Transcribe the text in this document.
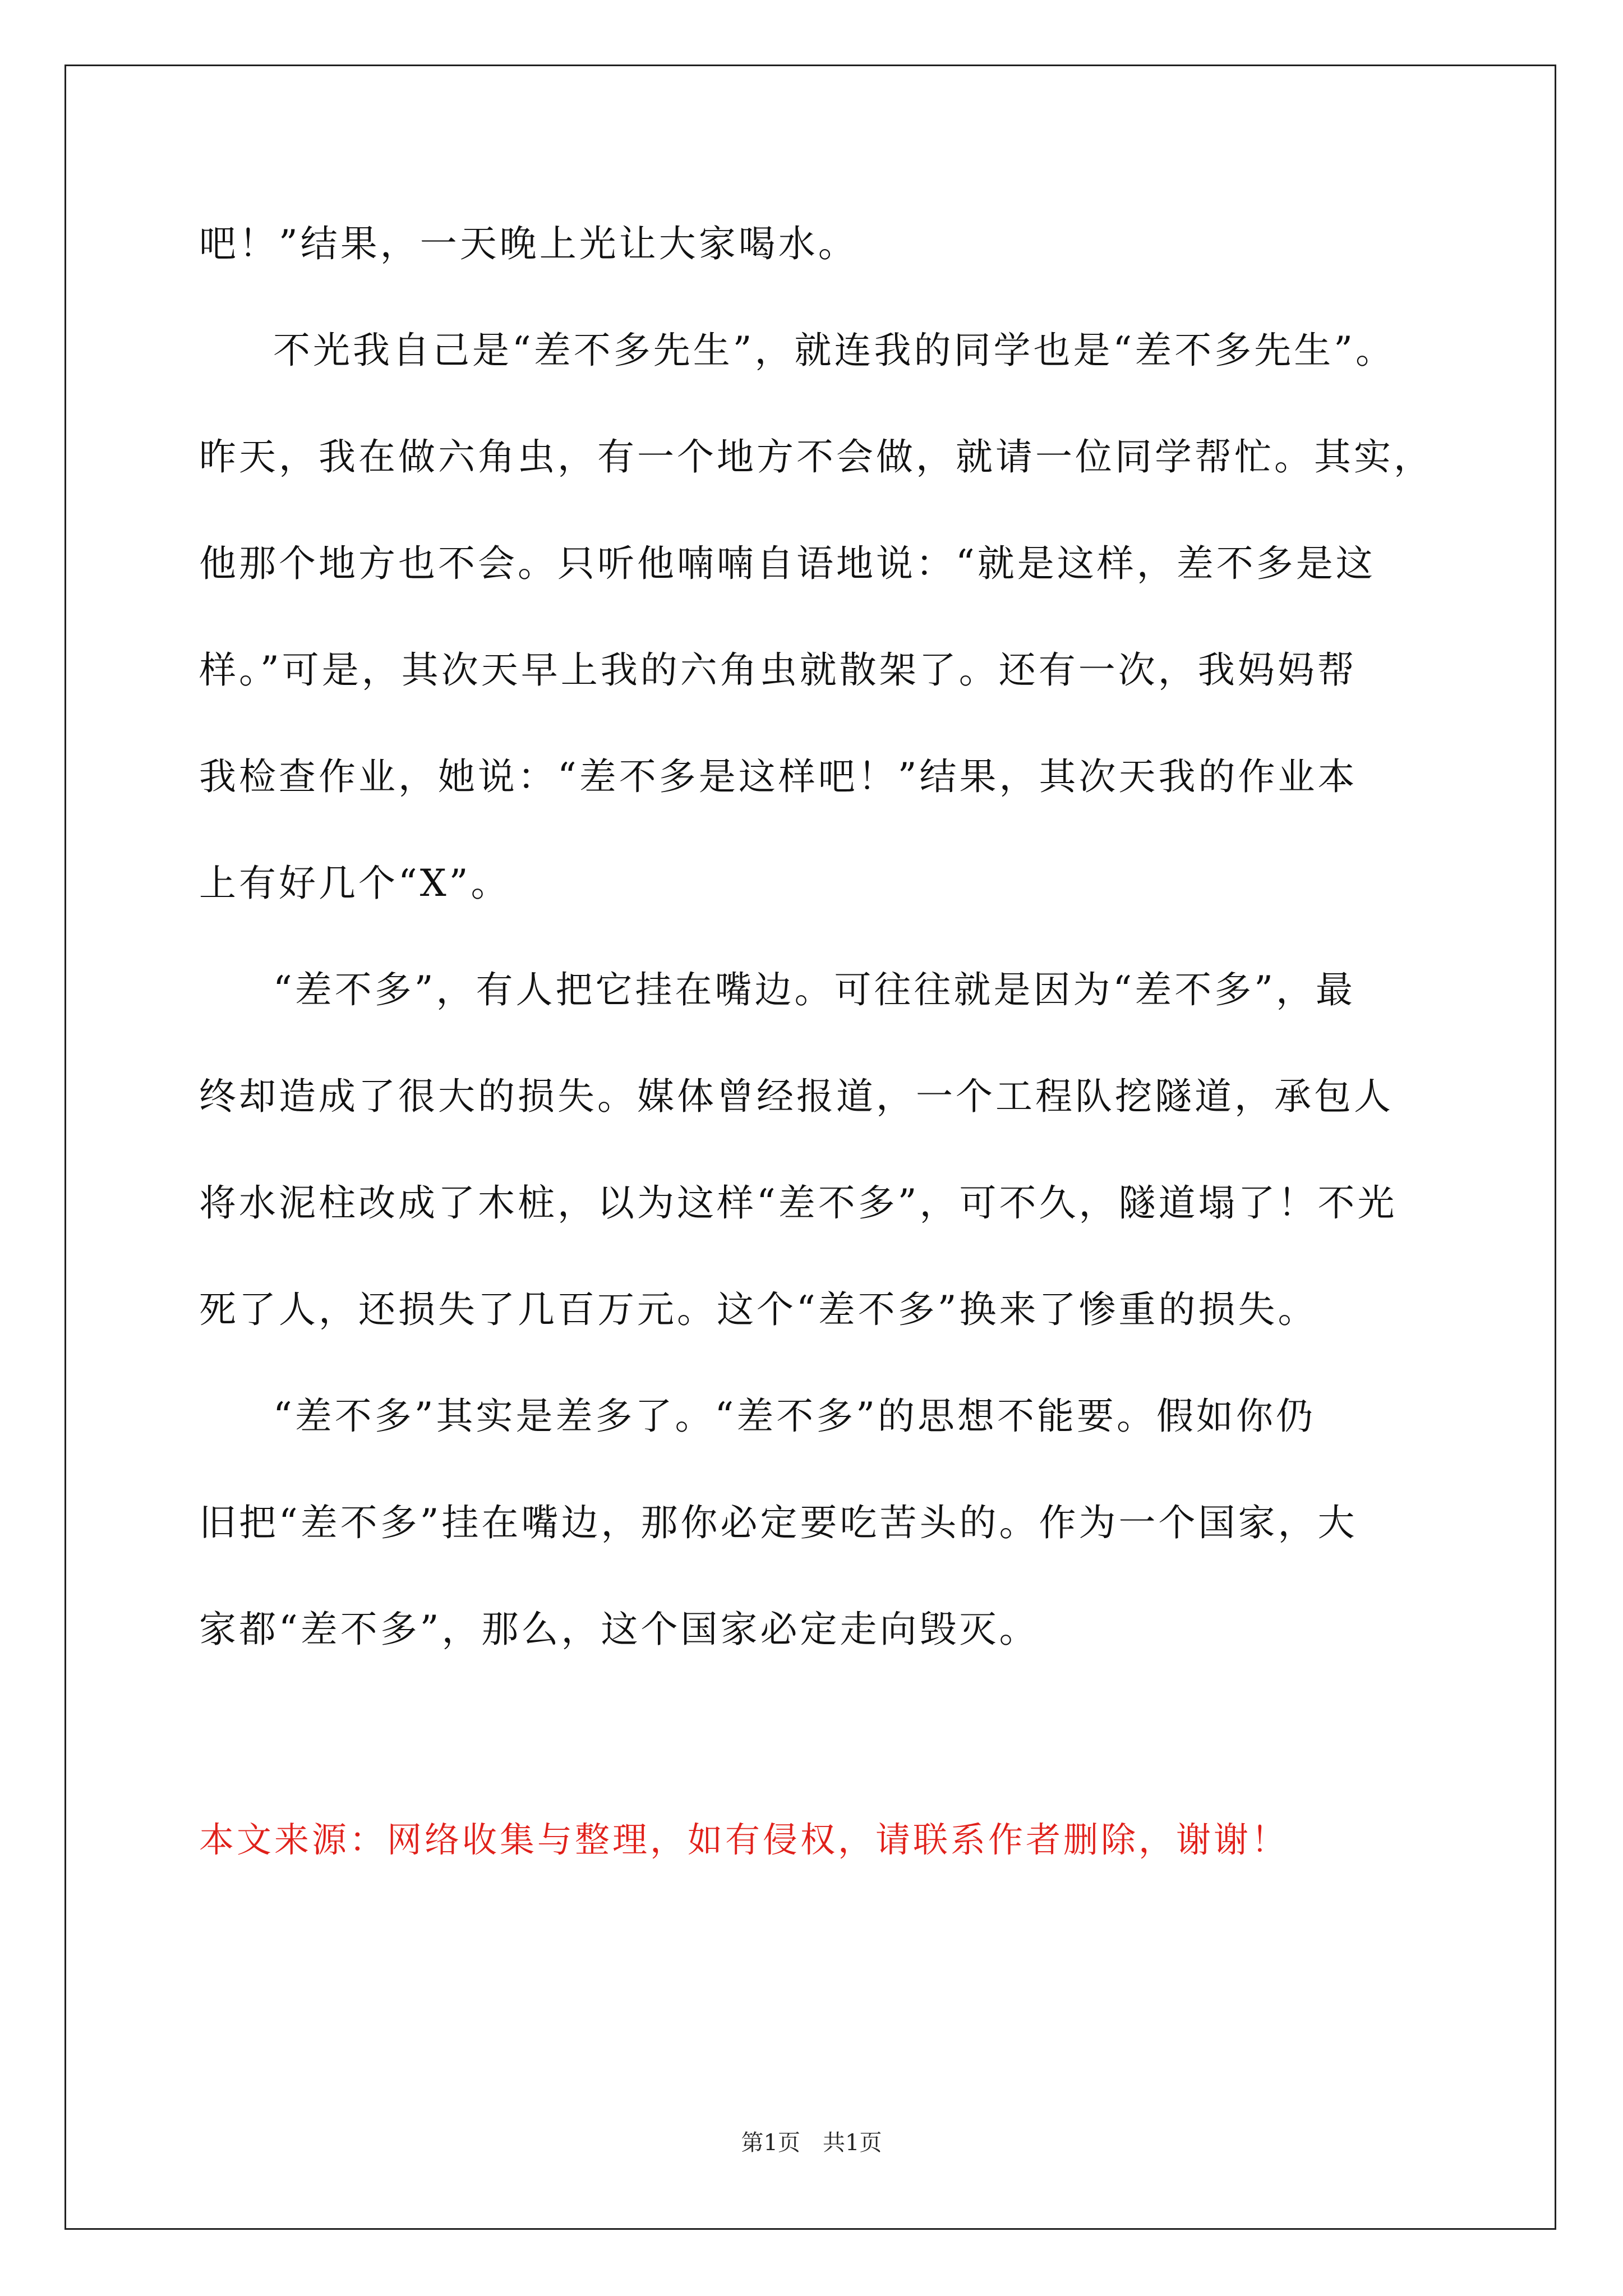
吧！”结果，一天晚上光让大家喝水。
不光我自己是“差不多先生”，就连我的同学也是“差不多先生”。
昨天，我在做六角虫，有一个地方不会做，就请一位同学帮忙。其实，
他那个地方也不会。只听他喃喃自语地说：“就是这样，差不多是这
样。”可是，其次天早上我的六角虫就散架了。还有一次，我妈妈帮
我检查作业，她说：“差不多是这样吧！”结果，其次天我的作业本
上有好几个“X”。
“差不多”，有人把它挂在嘴边。可往往就是因为“差不多”，最
终却造成了很大的损失。媒体曾经报道，一个工程队挖隧道，承包人
将水泥柱改成了木桩，以为这样“差不多”，可不久，隧道塌了！不光
死了人，还损失了几百万元。这个“差不多”换来了惨重的损失。
“差不多”其实是差多了。“差不多”的思想不能要。假如你仍
旧把“差不多”挂在嘴边，那你必定要吃苦头的。作为一个国家，大
家都“差不多”，那么，这个国家必定走向毁灭。
本文来源：网络收集与整理，如有侵权，请联系作者删除，谢谢！
第1页　共1页
